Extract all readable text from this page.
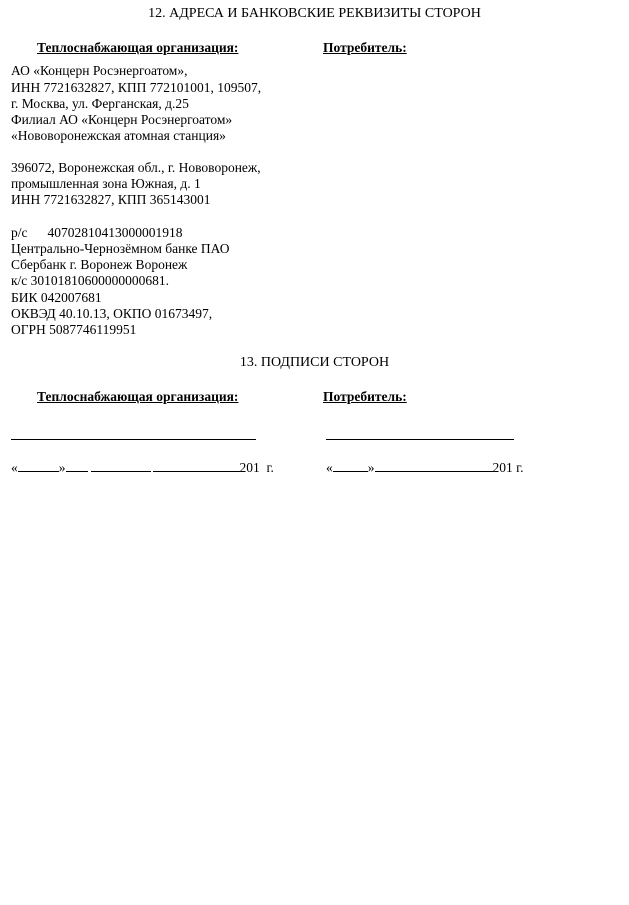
12. АДРЕСА И БАНКОВСКИЕ РЕКВИЗИТЫ СТОРОН
Теплоснабжающая организация:	Потребитель:
АО «Концерн Росэнергоатом»,
ИНН 7721632827, КПП 772101001, 109507,
г. Москва, ул. Ферганская, д.25
Филиал АО «Концерн Росэнергоатом»
«Нововоронежская атомная станция»
396072, Воронежская обл., г. Нововоронеж,
промышленная зона Южная, д. 1
ИНН 7721632827, КПП 365143001
р/с 40702810413000001918
Центрально-Чернозёмном банке ПАО
Сбербанк г. Воронеж Воронеж
к/с 30101810600000000681.
БИК 042007681
ОКВЭД 40.10.13, ОКПО 01673497,
ОГРН 5087746119951
13. ПОДПИСИ СТОРОН
Теплоснабжающая организация:	Потребитель:
«	»	201 г.	«	»	201 г.
